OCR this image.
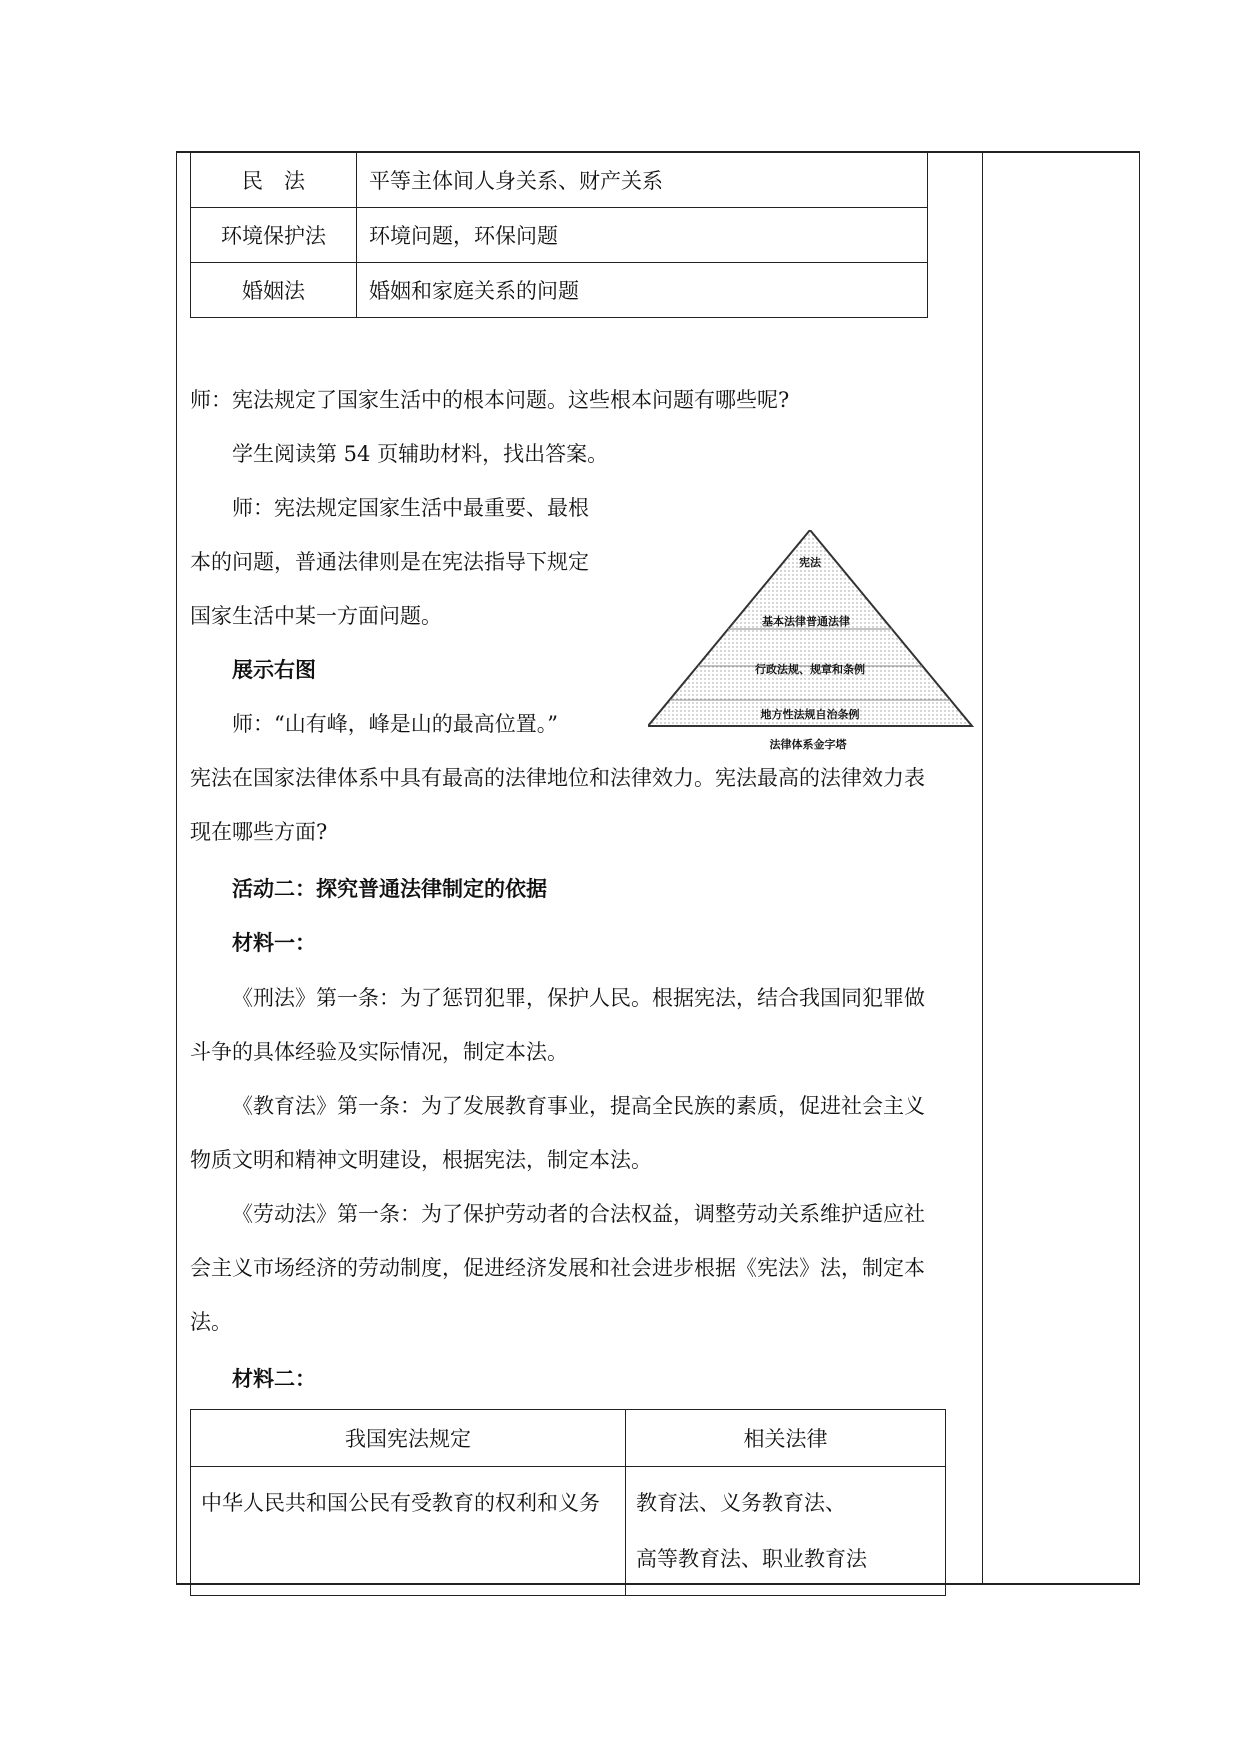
民　法	平等主体间人身关系、财产关系
环境保护法	环境问题，环保问题
婚姻法	婚姻和家庭关系的问题

师：宪法规定了国家生活中的根本问题。这些根本问题有哪些呢?

学生阅读第 54 页辅助材料，找出答案。

师：宪法规定国家生活中最重要、最根

本的问题，普通法律则是在宪法指导下规定

国家生活中某一方面问题。

展示右图

师：“山有峰，峰是山的最高位置。”

宪法在国家法律体系中具有最高的法律地位和法律效力。宪法最高的法律效力表

现在哪些方面?

活动二：探究普通法律制定的依据

材料一：

《刑法》第一条：为了惩罚犯罪，保护人民。根据宪法，结合我国同犯罪做

斗争的具体经验及实际情况，制定本法。

《教育法》第一条：为了发展教育事业，提高全民族的素质，促进社会主义

物质文明和精神文明建设，根据宪法，制定本法。

《劳动法》第一条：为了保护劳动者的合法权益，调整劳动关系维护适应社

会主义市场经济的劳动制度，促进经济发展和社会进步根据《宪法》法，制定本

法。

材料二：

宪法
基本法律普通法律
行政法规、规章和条例
地方性法规自治条例
法律体系金字塔
我国宪法规定	相关法律
中华人民共和国公民有受教育的权利和义务	教育法、义务教育法、
高等教育法、职业教育法
